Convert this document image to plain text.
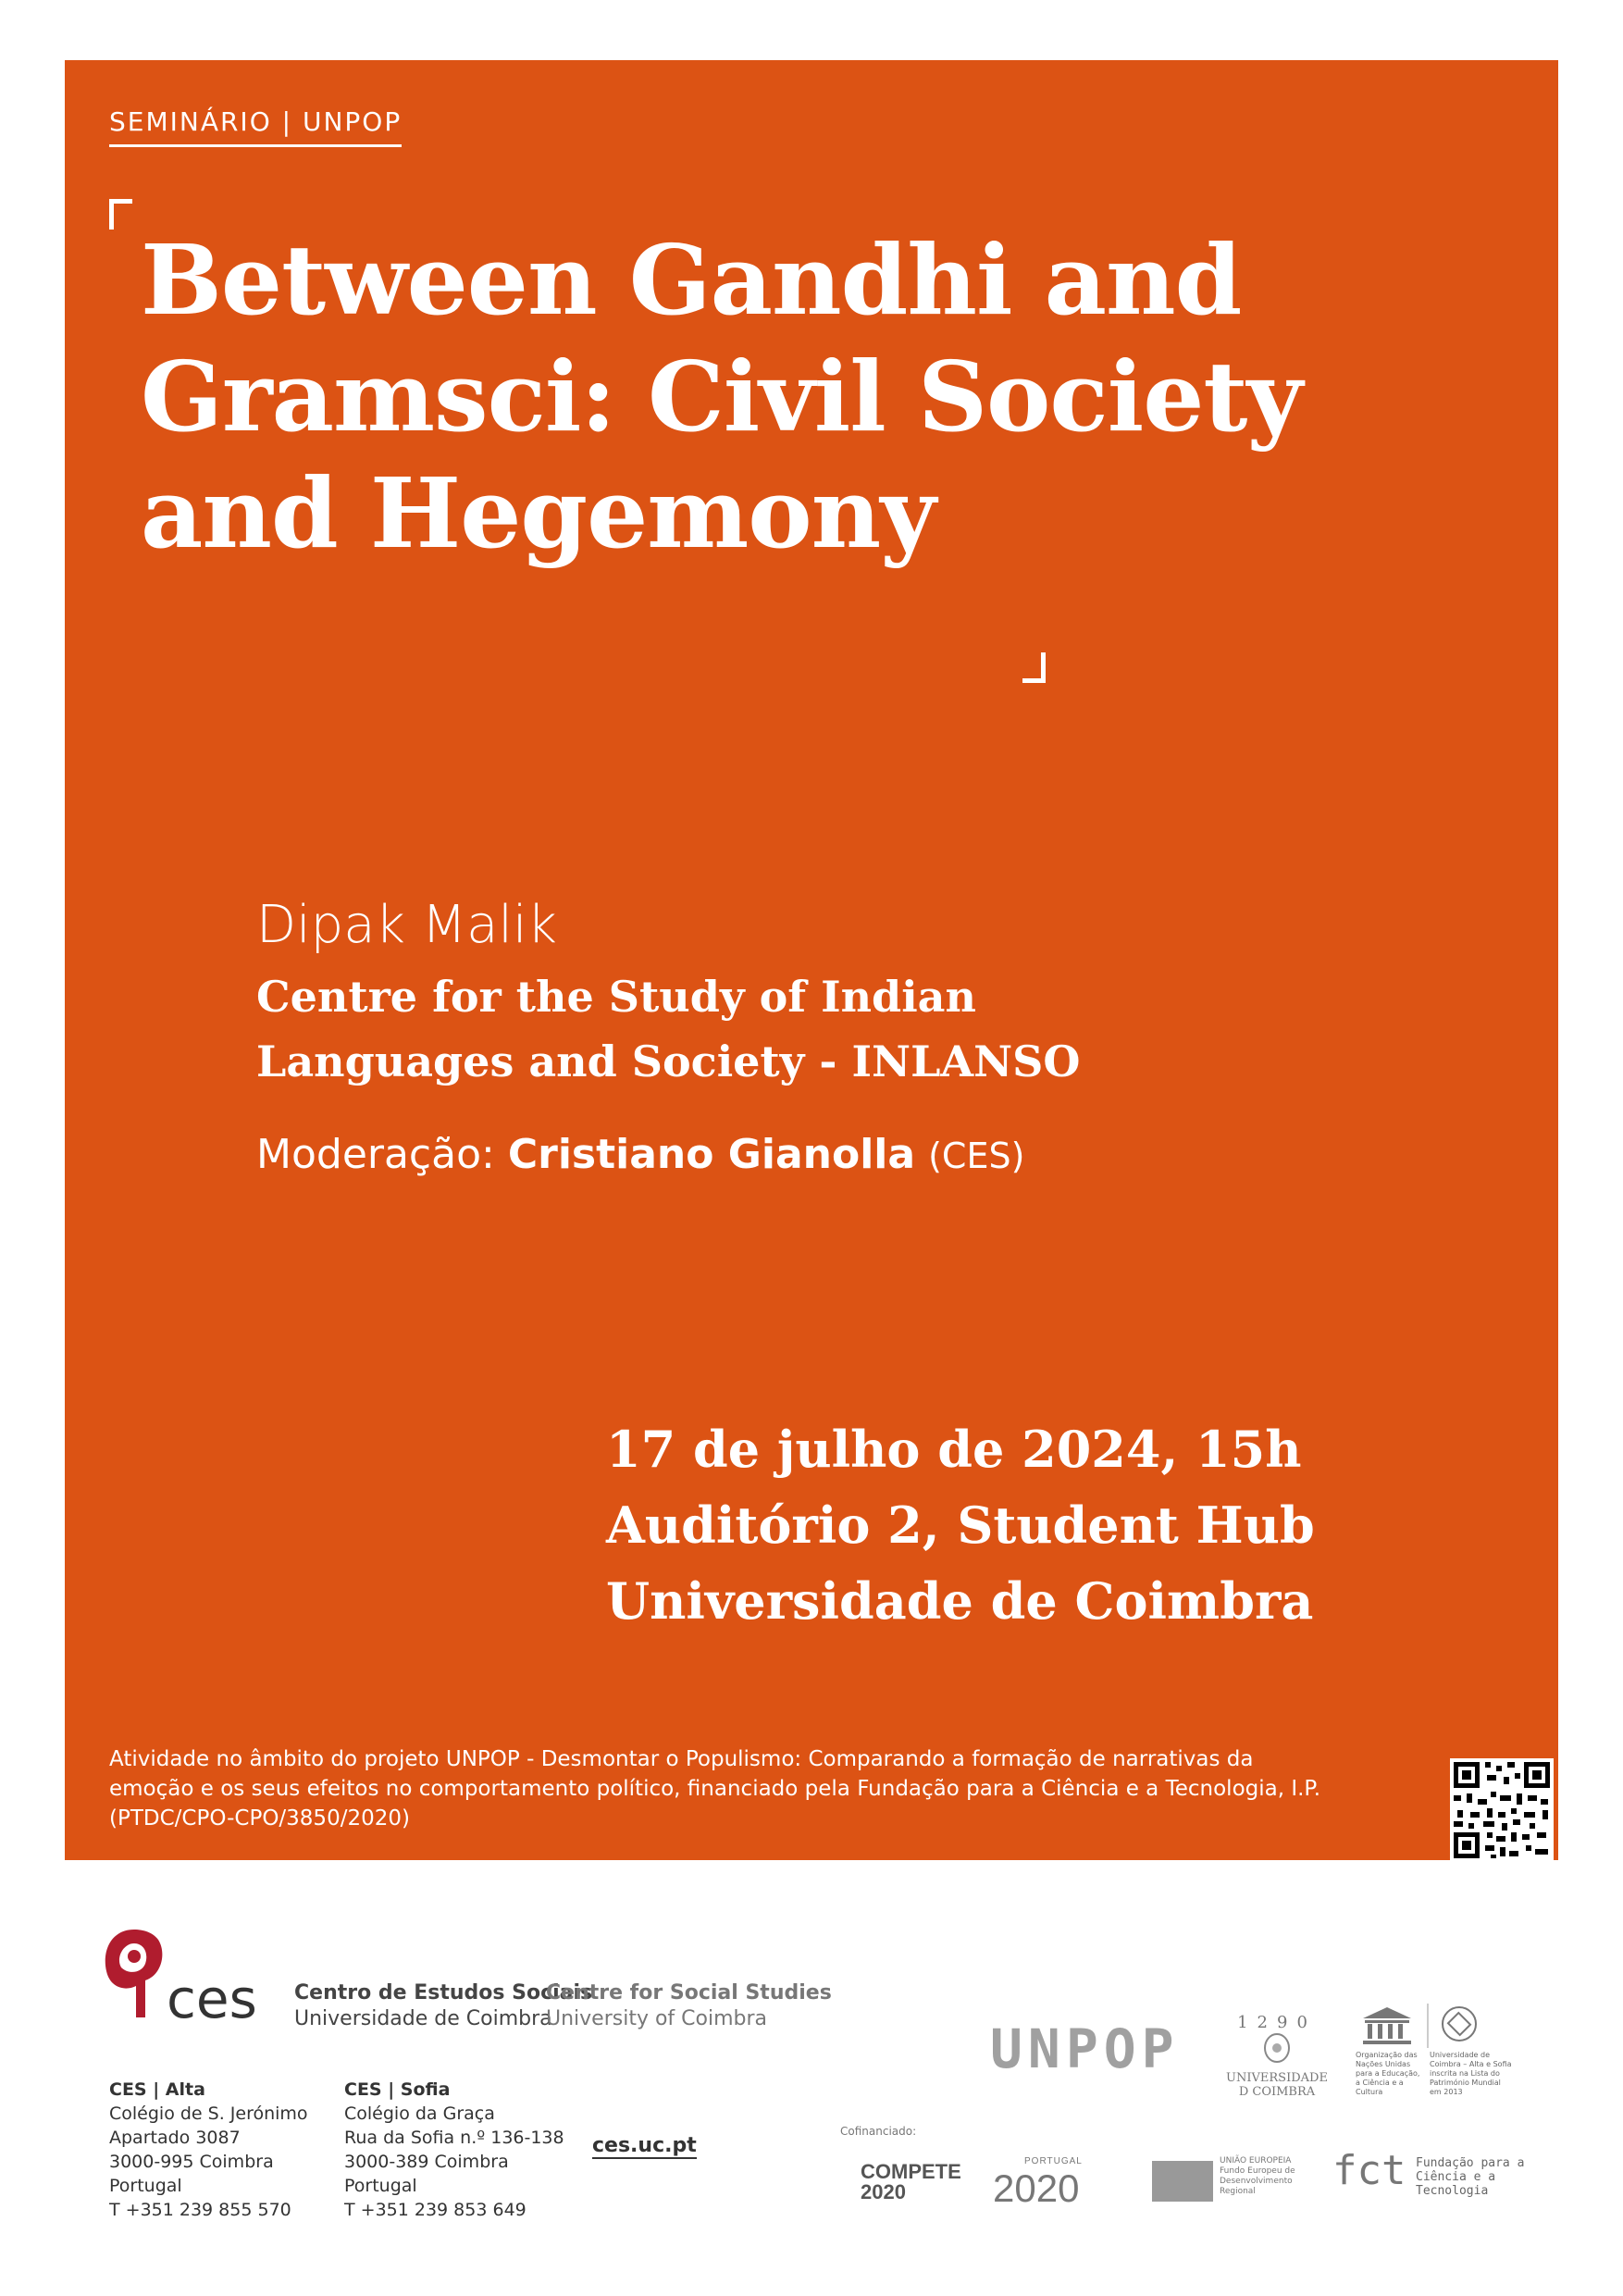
SEMINÁRIO | UNPOP
Between Gandhi and
Gramsci: Civil Society
and Hegemony
Dipak Malik
Centre for the Study of Indian
Languages and Society - INLANSO
Moderação: Cristiano Gianolla (CES)
17 de julho de 2024, 15h
Auditório 2, Student Hub
Universidade de Coimbra
Atividade no âmbito do projeto UNPOP - Desmontar o Populismo: Comparando a formação de narrativas da
emoção e os seus efeitos no comportamento político, financiado pela Fundação para a Ciência e a Tecnologia, I.P.
(PTDC/CPO-CPO/3850/2020)
ces Centro de Estudos Sociais
Universidade de Coimbra
Centre for Social Studies
University of Coimbra
CES | Alta
Colégio de S. Jerónimo
Apartado 3087
3000-995 Coimbra
Portugal
T +351 239 855 570
CES | Sofia
Colégio da Graça
Rua da Sofia n.º 136-138
3000-389 Coimbra
Portugal
T +351 239 853 649
ces.uc.pt
UNPOP	1290
UNIVERSIDADE D COIMBRA
Organização das Nações Unidas para a Educação, a Ciência e a Cultura
Universidade de Coimbra – Alta e Sofia inscrita na Lista do Património Mundial em 2013
Cofinanciado:
COMPETE 2020
PORTUGAL
2020
UNIÃO EUROPEIA
Fundo Europeu de Desenvolvimento Regional	fct Fundação para a Ciência e a Tecnologia
